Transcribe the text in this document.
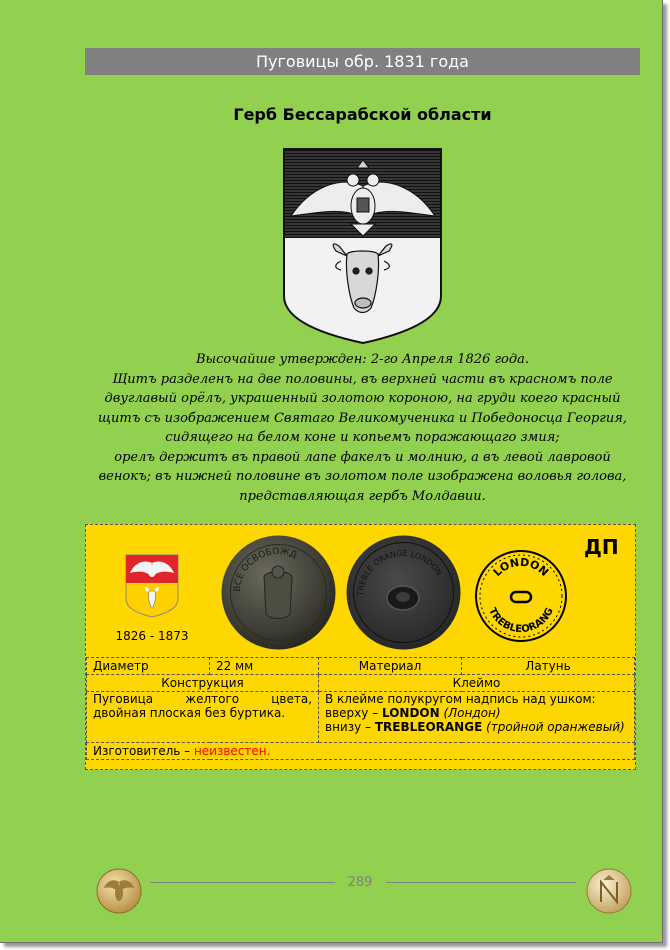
Пуговицы обр. 1831 года
Герб Бессарабской области
Высочайше утвержден: 2-го Апреля 1826 года.
Щитъ разделенъ на две половины, въ верхней части въ красномъ поле
двуглавый орёлъ, украшенный золотою короною, на груди коего красный
щитъ съ изображением Святаго Великомученика и Победоносца Георгия,
сидящего на белом коне и копьемъ поражающаго змия;
орелъ держитъ въ правой лапе факелъ и молнию, а въ левой лавровой
венокъ; въ нижней половине въ золотом поле изображена воловья голова,
представляющая гербъ Молдавии.
1826 - 1873
ВСЕ ОСВОБОЖД
TREBLE ORANGE LONDON	LONDON
TREBLEORANG
ДП
Диаметр	22 мм	Материал	Латунь
Конструкция		Клеймо	
Пуговица желтого цвета, двойная плоская без буртика.		В клейме полукругом надпись над ушком:
вверху – LONDON (Лондон)
внизу – TREBLEORANGE (тройной оранжевый)	

Изготовитель – неизвестен.			
289
